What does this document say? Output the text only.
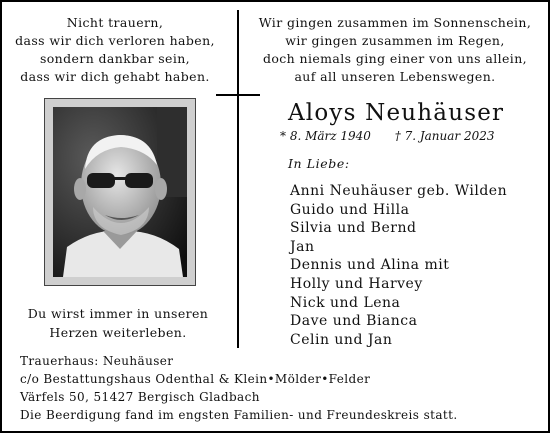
Nicht trauern,
dass wir dich verloren haben,
sondern dankbar sein,
dass wir dich gehabt haben.
Wir gingen zusammen im Sonnenschein,
wir gingen zusammen im Regen,
doch niemals ging einer von uns allein,
auf all unseren Lebenswegen.
Du wirst immer in unseren
Herzen weiterleben.
Aloys Neuhäuser
* 8. März 1940 † 7. Januar 2023
In Liebe:
Anni Neuhäuser geb. Wilden
Guido und Hilla
Silvia und Bernd
Jan
Dennis und Alina mit
Holly und Harvey
Nick und Lena
Dave und Bianca
Celin und Jan
Trauerhaus: Neuhäuser
c/o Bestattungshaus Odenthal & Klein•Mölder•Felder
Värfels 50, 51427 Bergisch Gladbach
Die Beerdigung fand im engsten Familien- und Freundeskreis statt.
